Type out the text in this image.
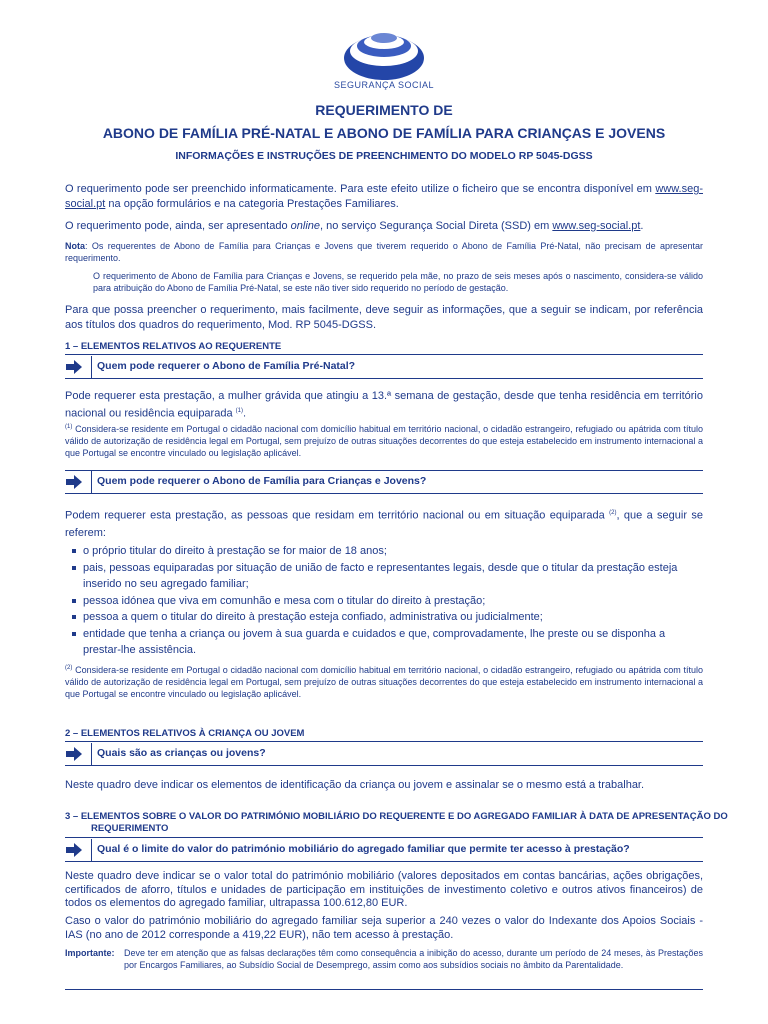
SEGURANÇA SOCIAL
REQUERIMENTO DE
ABONO DE FAMÍLIA PRÉ-NATAL E ABONO DE FAMÍLIA PARA CRIANÇAS E JOVENS
INFORMAÇÕES E INSTRUÇÕES DE PREENCHIMENTO DO MODELO RP 5045-DGSS
O requerimento pode ser preenchido informaticamente. Para este efeito utilize o ficheiro que se encontra disponível em www.seg-social.pt na opção formulários e na categoria Prestações Familiares.
O requerimento pode, ainda, ser apresentado online, no serviço Segurança Social Direta (SSD) em www.seg-social.pt.
Nota: Os requerentes de Abono de Família para Crianças e Jovens que tiverem requerido o Abono de Família Pré-Natal, não precisam de apresentar requerimento.
O requerimento de Abono de Família para Crianças e Jovens, se requerido pela mãe, no prazo de seis meses após o nascimento, considera-se válido para atribuição do Abono de Família Pré-Natal, se este não tiver sido requerido no período de gestação.
Para que possa preencher o requerimento, mais facilmente, deve seguir as informações, que a seguir se indicam, por referência aos títulos dos quadros do requerimento, Mod. RP 5045-DGSS.
1 – ELEMENTOS RELATIVOS AO REQUERENTE
Quem pode requerer o Abono de Família Pré-Natal?
Pode requerer esta prestação, a mulher grávida que atingiu a 13.ª semana de gestação, desde que tenha residência em território nacional ou residência equiparada $^{(1)}$.
$^{(1)}$ Considera-se residente em Portugal o cidadão nacional com domicílio habitual em território nacional, o cidadão estrangeiro, refugiado ou apátrida com título válido de autorização de residência legal em Portugal, sem prejuízo de outras situações decorrentes do que esteja estabelecido em instrumento internacional a que Portugal se encontre vinculado ou legislação aplicável.
Quem pode requerer o Abono de Família para Crianças e Jovens?
Podem requerer esta prestação, as pessoas que residam em território nacional ou em situação equiparada $^{(2)}$, que a seguir se referem:
o próprio titular do direito à prestação se for maior de 18 anos;
pais, pessoas equiparadas por situação de união de facto e representantes legais, desde que o titular da prestação esteja inserido no seu agregado familiar;
pessoa idónea que viva em comunhão e mesa com o titular do direito à prestação;
pessoa a quem o titular do direito à prestação esteja confiado, administrativa ou judicialmente;
entidade que tenha a criança ou jovem à sua guarda e cuidados e que, comprovadamente, lhe preste ou se disponha a prestar-lhe assistência.
$^{(2)}$ Considera-se residente em Portugal o cidadão nacional com domicílio habitual em território nacional, o cidadão estrangeiro, refugiado ou apátrida com título válido de autorização de residência legal em Portugal, sem prejuízo de outras situações decorrentes do que esteja estabelecido em instrumento internacional a que Portugal se encontre vinculado ou legislação aplicável.
2 – ELEMENTOS RELATIVOS À CRIANÇA OU JOVEM
Quais são as crianças ou jovens?
Neste quadro deve indicar os elementos de identificação da criança ou jovem e assinalar se o mesmo está a trabalhar.
3 – ELEMENTOS SOBRE O VALOR DO PATRIMÓNIO MOBILIÁRIO DO REQUERENTE E DO AGREGADO FAMILIAR À DATA DE APRESENTAÇÃO DO REQUERIMENTO
Qual é o limite do valor do património mobiliário do agregado familiar que permite ter acesso à prestação?
Neste quadro deve indicar se o valor total do património mobiliário (valores depositados em contas bancárias, ações obrigações, certificados de aforro, títulos e unidades de participação em instituições de investimento coletivo e outros ativos financeiros) de todos os elementos do agregado familiar, ultrapassa 100.612,80 EUR.
Caso o valor do património mobiliário do agregado familiar seja superior a 240 vezes o valor do Indexante dos Apoios Sociais - IAS (no ano de 2012 corresponde a 419,22 EUR), não tem acesso à prestação.
Importante: Deve ter em atenção que as falsas declarações têm como consequência a inibição do acesso, durante um período de 24 meses, às Prestações por Encargos Familiares, ao Subsídio Social de Desemprego, assim como aos subsídios sociais no âmbito da Parentalidade.
